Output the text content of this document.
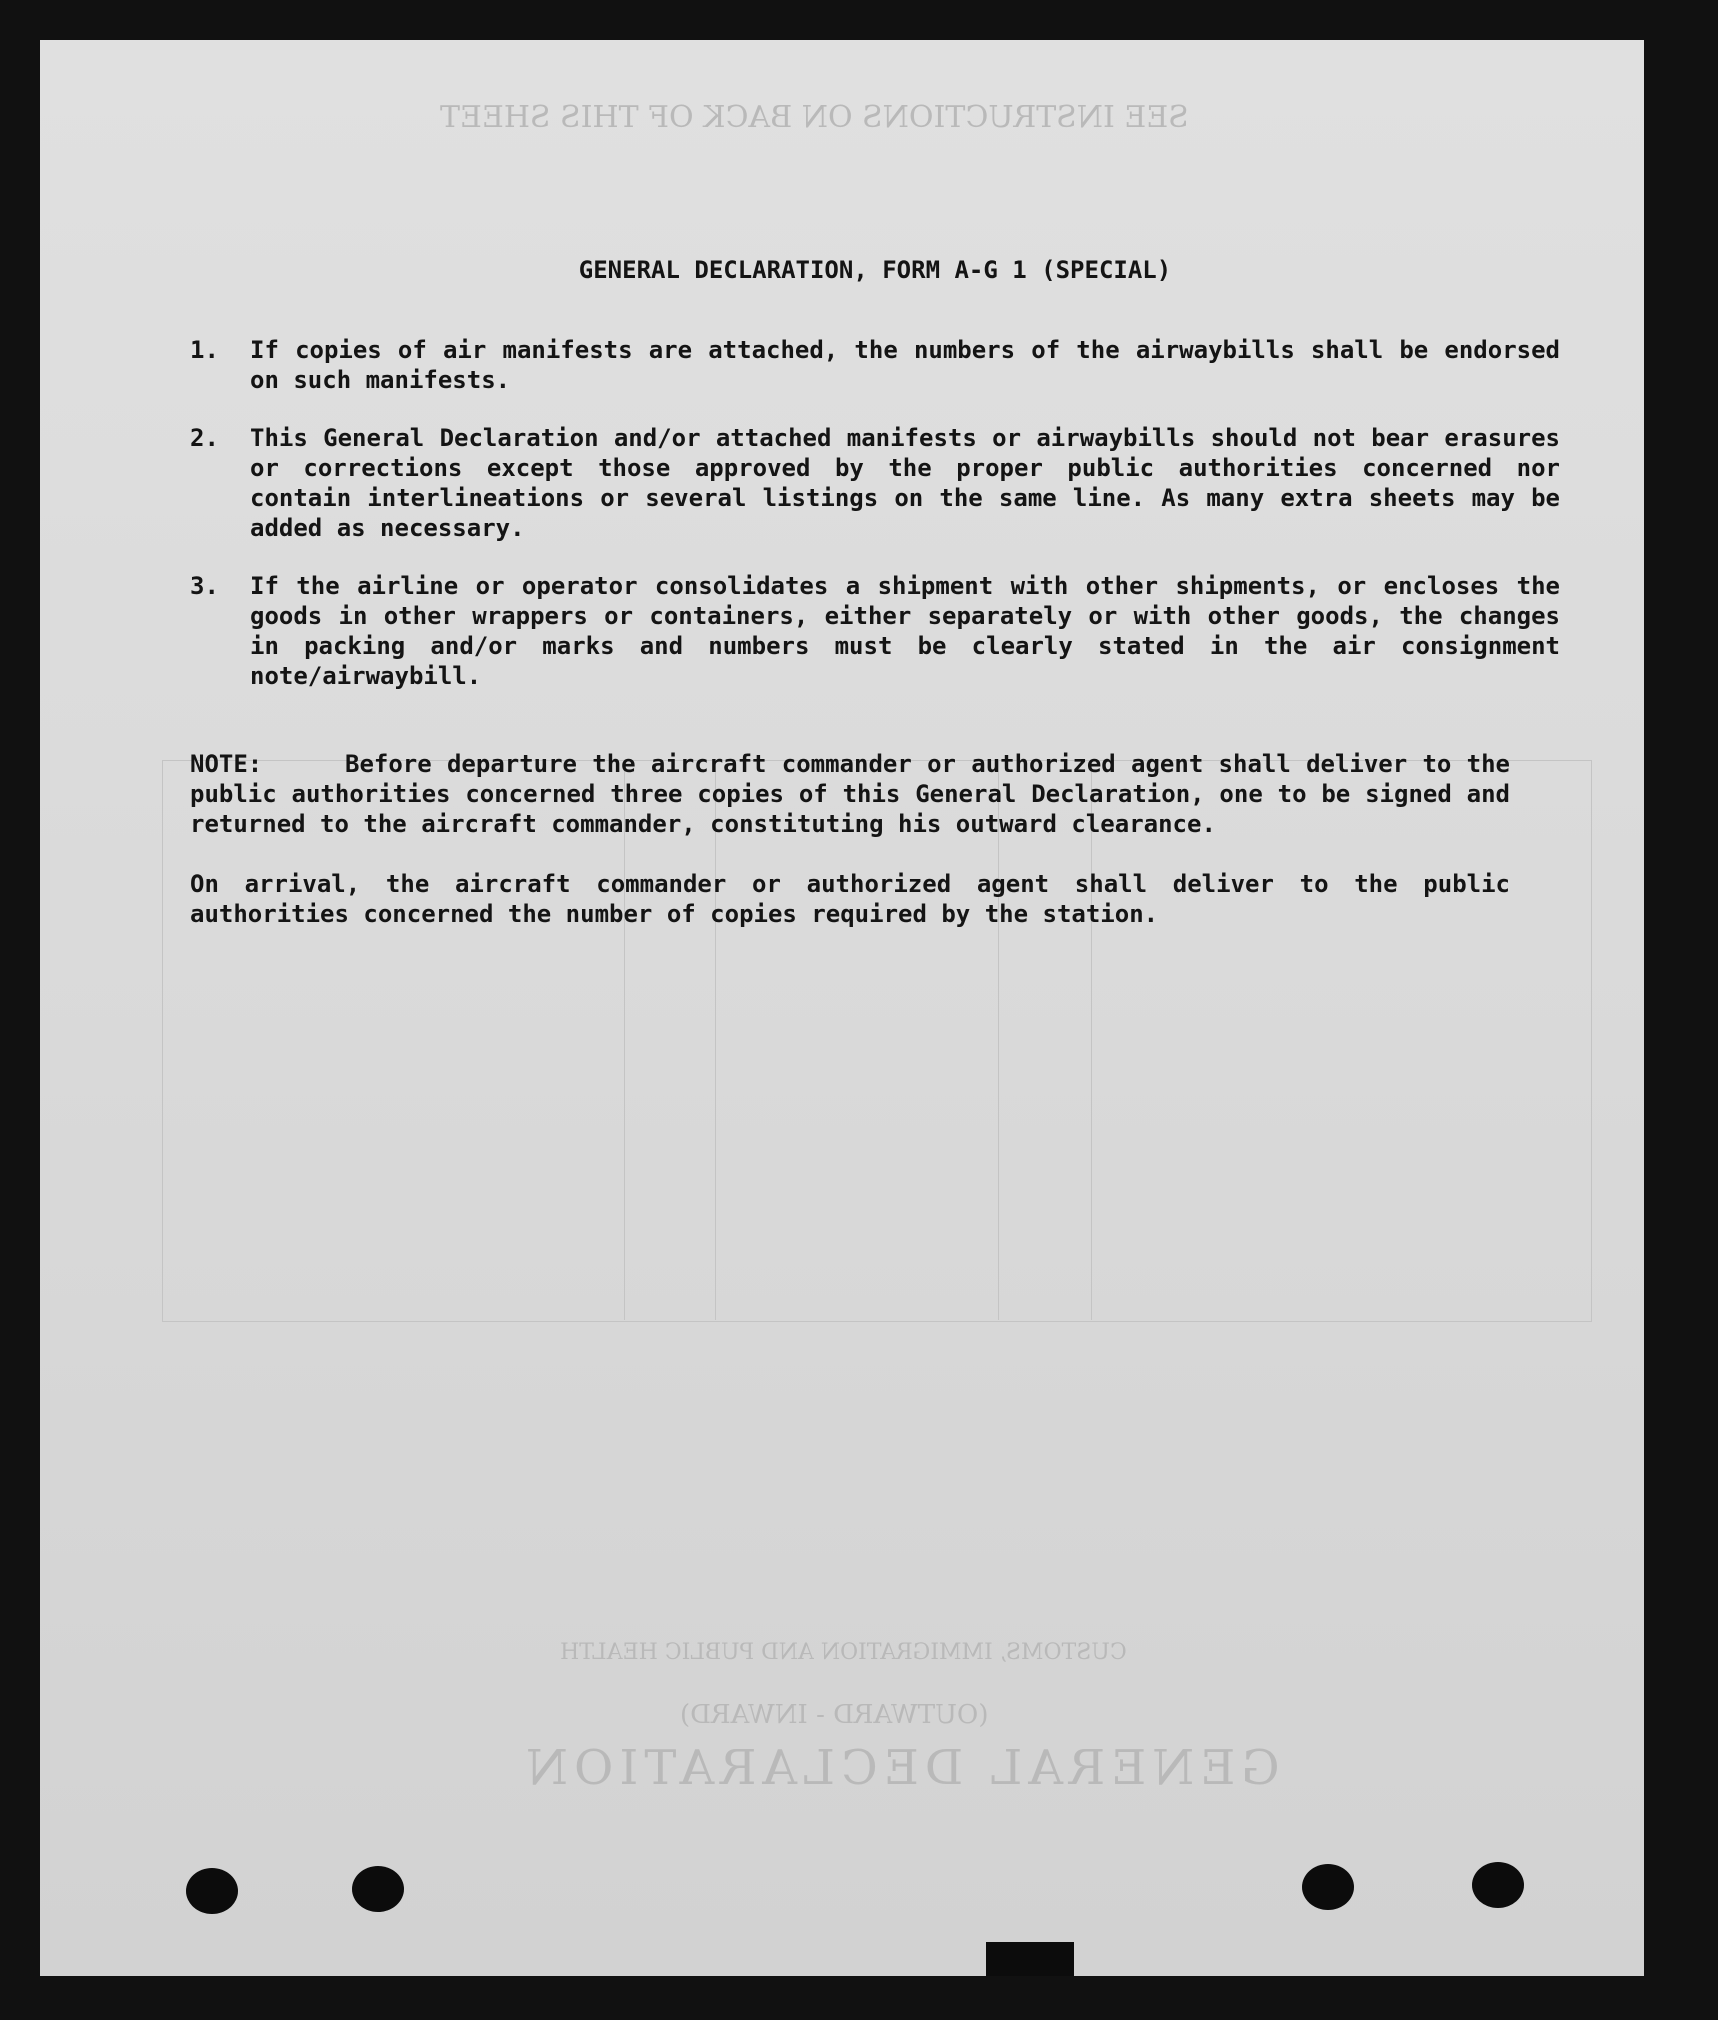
SEE INSTRUCTIONS ON BACK OF THIS SHEET
GENERAL DECLARATION
(OUTWARD - INWARD)
CUSTOMS, IMMIGRATION AND PUBLIC HEALTH
GENERAL DECLARATION, FORM A-G 1 (SPECIAL)
1.	If copies of air manifests are attached, the numbers of the airwaybills shall be endorsed on such manifests.
2.	This General Declaration and/or attached manifests or airwaybills should not bear erasures or corrections except those approved by the proper public authorities concerned nor contain interlineations or several listings on the same line. As many extra sheets may be added as necessary.
3.	If the airline or operator consolidates a shipment with other shipments, or encloses the goods in other wrappers or containers, either separately or with other goods, the changes in packing and/or marks and numbers must be clearly stated in the air consignment note/airwaybill.
NOTE:	Before departure the aircraft commander or authorized agent shall deliver to the public authorities concerned three copies of this General Declaration, one to be signed and returned to the aircraft commander, constituting his outward clearance.
On arrival, the aircraft commander or authorized agent shall deliver to the public authorities concerned the number of copies required by the station.
